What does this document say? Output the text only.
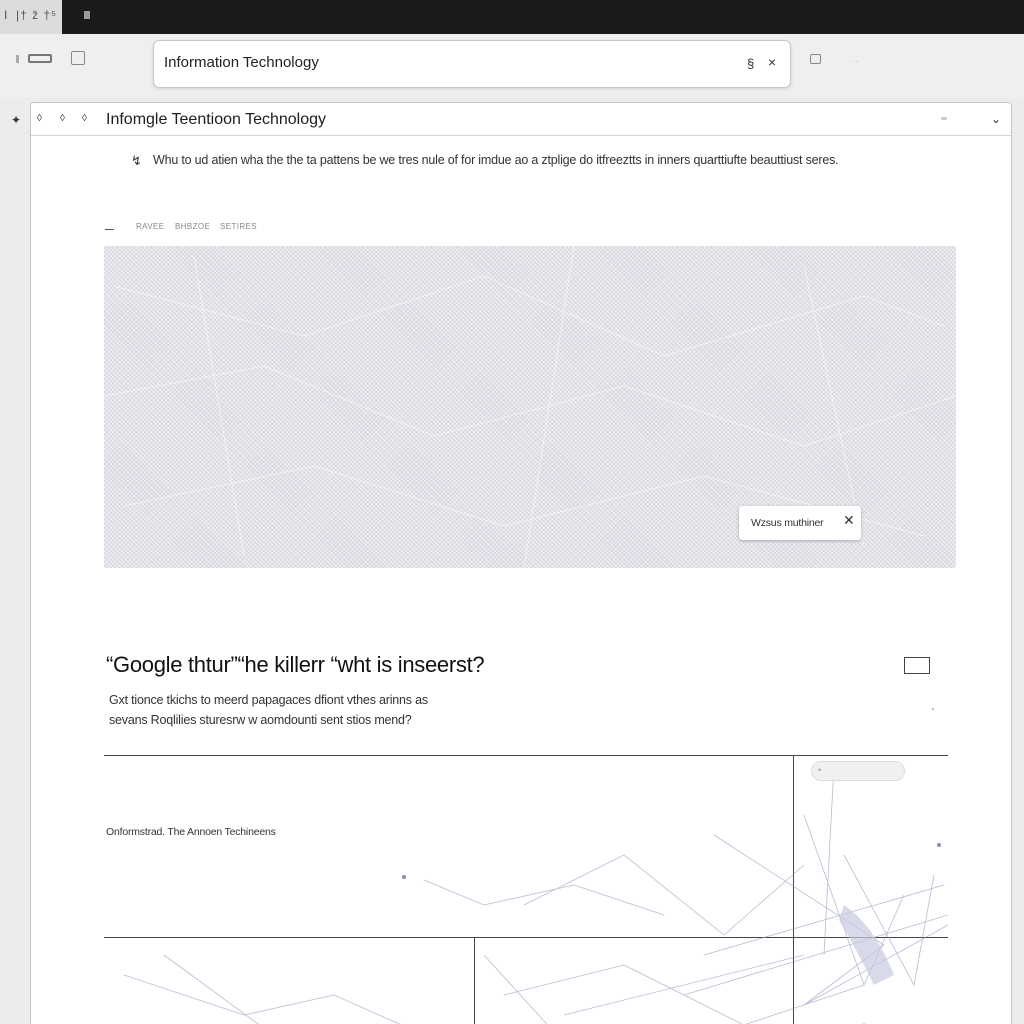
I |† ž †⁵
Information Technology	§ ×	··
✦ ◊ ◊ ◊ Infomgle Teentioon Technology	⌄
↯ Whu to ud atien wha the the ta pattens be we tres nule of for imdue ao a ztplige do itfreeztts in inners quarttiufte beauttiust seres.
RAVEE BHBZOE SETIRES
Wzsus muthiner ✕
“Google thtur”“he killerr “wht is inseerst?
Gxt tionce tkichs to meerd papagaces dfiont vthes arinns as
sevans Roqlilies sturesrw w aomdounti sent stios mend?
◦
Onformstrad. The Annoen Techineens
